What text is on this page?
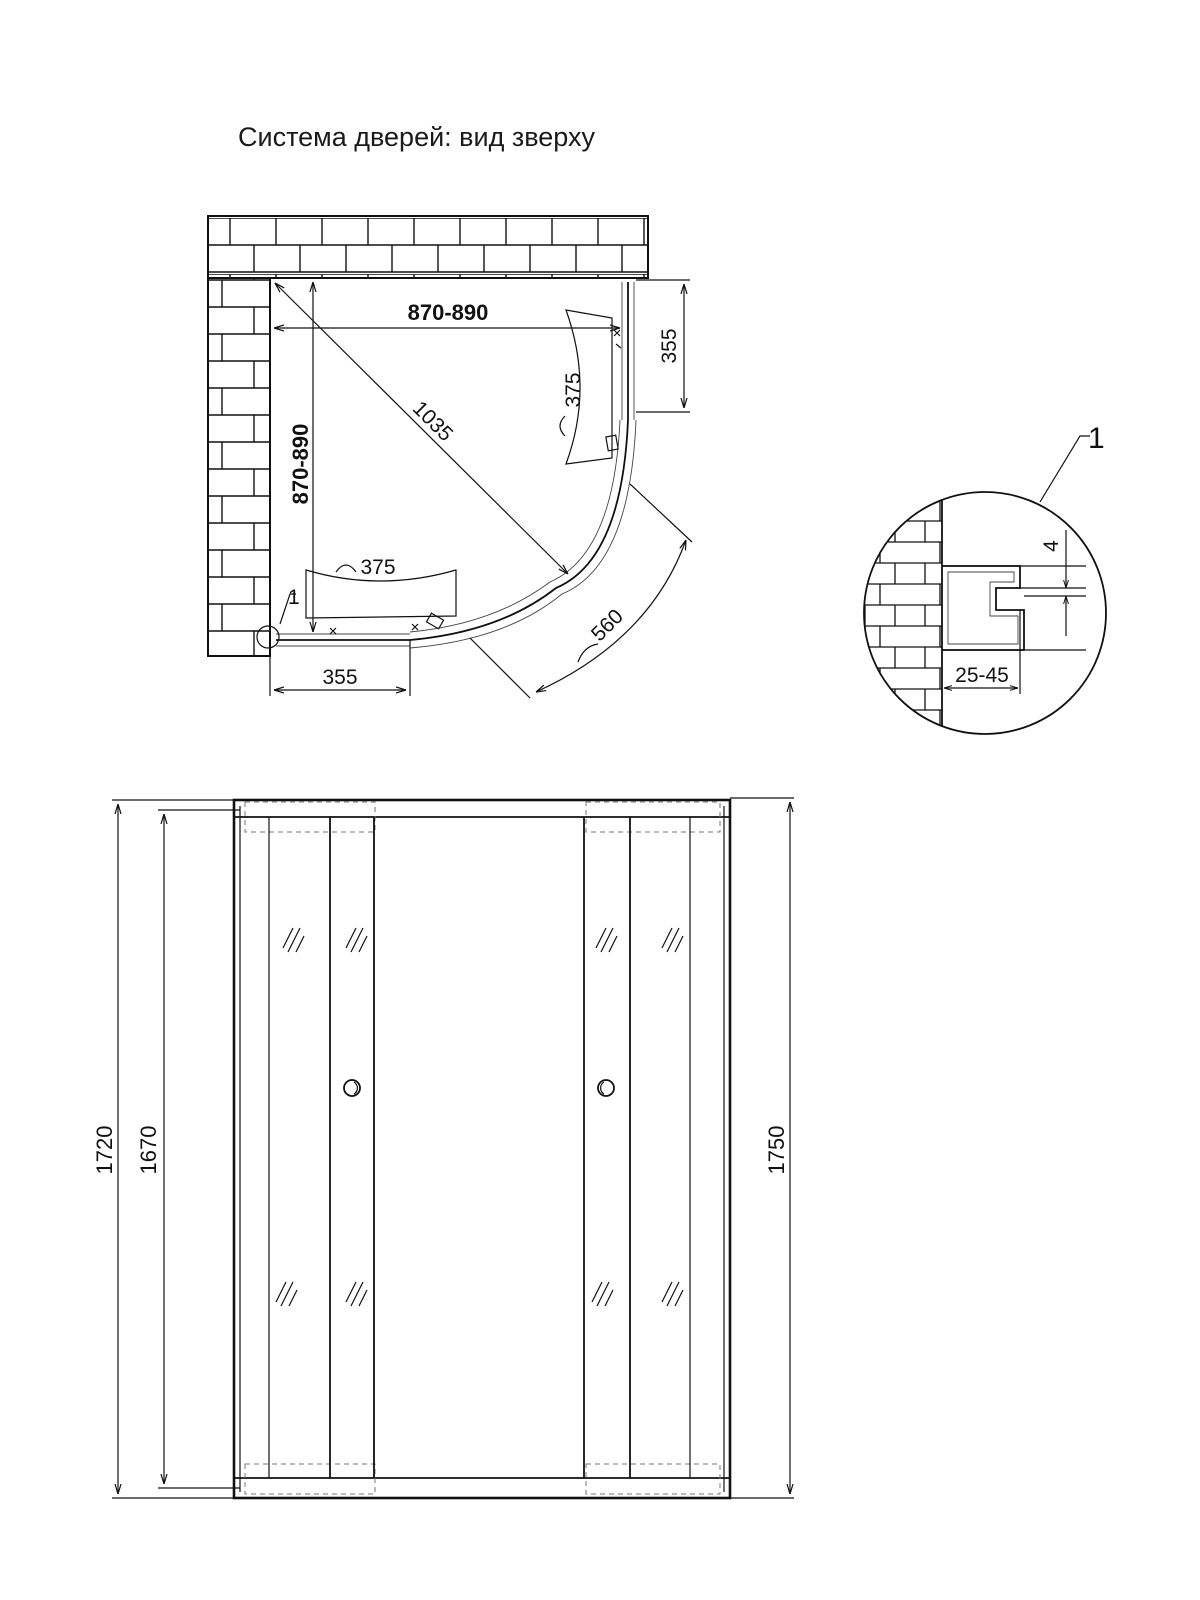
Система дверей: вид зверху
870-890
870-890
1035
355
355
375
375
560
1
4
25-45
1
1720 1670	1750
